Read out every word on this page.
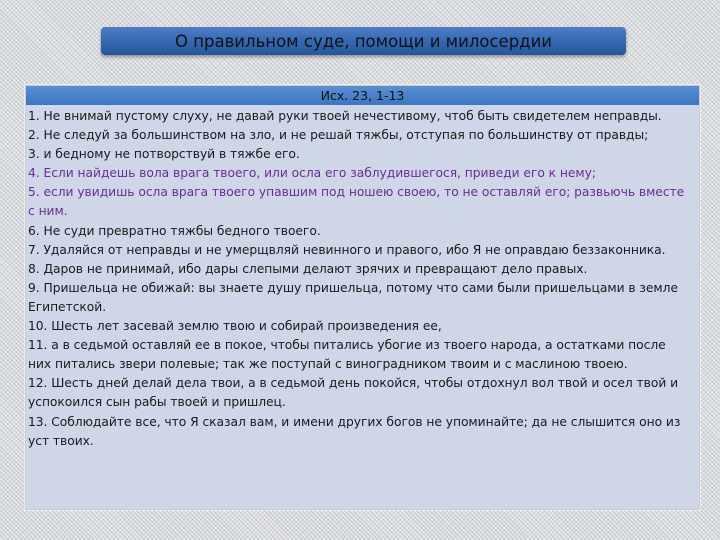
О правильном суде, помощи и милосердии
Исх. 23, 1-13

1. Не внимай пустому слуху, не давай руки твоей нечестивому, чтоб быть свидетелем неправды.

2. Не следуй за большинством на зло, и не решай тяжбы, отступая по большинству от правды;

3. и бедному не потворствуй в тяжбе его.

4. Если найдешь вола врага твоего, или осла его заблудившегося, приведи его к нему;

5. если увидишь осла врага твоего упавшим под ношею своею, то не оставляй его; развьючь вместе с ним.

6. Не суди превратно тяжбы бедного твоего.

7. Удаляйся от неправды и не умерщвляй невинного и правого, ибо Я не оправдаю беззаконника.

8. Даров не принимай, ибо дары слепыми делают зрячих и превращают дело правых.

9. Пришельца не обижай: вы знаете душу пришельца, потому что сами были пришельцами в земле Египетской.

10. Шесть лет засевай землю твою и собирай произведения ее,

11. а в седьмой оставляй ее в покое, чтобы питались убогие из твоего народа, а остатками после них питались звери полевые; так же поступай с виноградником твоим и с маслиною твоею.

12. Шесть дней делай дела твои, а в седьмой день покойся, чтобы отдохнул вол твой и осел твой и успокоился сын рабы твоей и пришлец.

13. Соблюдайте все, что Я сказал вам, и имени других богов не упоминайте; да не слышится оно из уст твоих.
